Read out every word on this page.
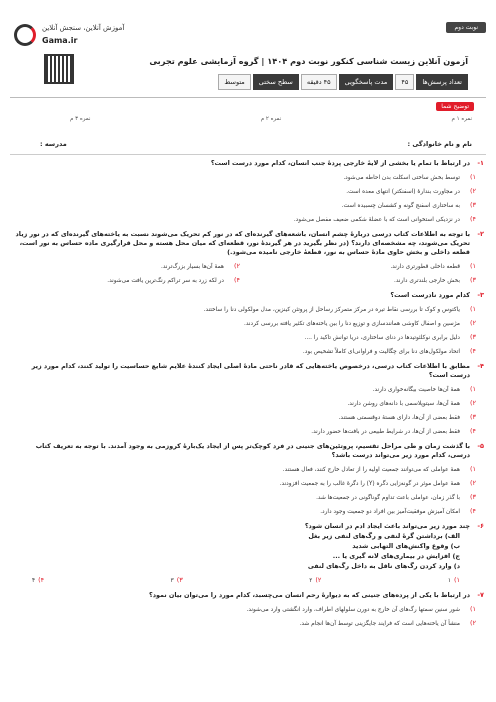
آموزش آنلاین، سنجش آنلاین
Gama.ir
نوبت دوم
آزمون آنلاین زیست شناسی کنکور نوبت دوم ۱۴۰۴ | گروه آزمایشی علوم تجربی
تعداد پرسش‌ها
۴۵
مدت پاسخگویی
۴۵ دقیقه
سطح سختی
متوسط
توضیح شما
نمره ۱ م
نمره ۲ م
نمره ۳ م
نام و نام خانوادگی :
مدرسه :
۱-
در ارتباط با تمام یا بخشی از لایهٔ خارجی پردهٔ جنب انسان، کدام مورد درست است؟
۱)
توسط بخش ساختی اسکلت بدن احاطه می‌شود.
۲)
در مجاورت بندارهٔ (اسفنکتر) انتهای معده است.
۳)
به ساختاری اسفنج گونه و کشسان چسبیده است.
۴)
در نزدیکی استخوانی است که با عضلهٔ شکمی ضعیف مفصل می‌شود.
۲-
با توجه به اطلاعات کتاب درسی دربارهٔ چشم انسان، باشعه‌های گیرنده‌ای که در نور کم تحریک می‌شوند نسبت به یاخته‌های گیرنده‌ای که در نور زیاد تحریک می‌شوند، چه مشخصه‌ای دارند؟ (در نظر بگیرید در هر گیرندهٔ نور، قطعه‌ای که میان محل هسته و محل قرارگیری ماده حساس به نور است، قطعه داخلی و بخش حاوی مادهٔ حساس به نور، قطعهٔ خارجی نامیده می‌شود.)
۱)
قطعه داخلی قطورتری دارند.
۲)
همهٔ آن‌ها بسیار بزرگ‌ترند.
۳)
بخش خارجی بلندتری دارند.
۴)
در لکه زرد به سر تراکم رنگ‌ترین یافت می‌شوند.
۳-
کدام مورد نادرست است؟
۱)
یاکتوس و کوک تا بررسی نقاط تیره در مرکز متمرکز رساحل از پروتئن کینزین، مدل مولکولی دنا را ساختند.
۲)
مژ‌سین و اصفال کاوشی همانندسازی و توزیع دنا را بین یاخته‌های تکثیر یافته بررسی کردند.
۳)
دلیل برابری نوکلئوتیدها در دنای ساختاری، دریا توانش تاکید را ....
۴)
اتحاد مولکول‌های دنا برای چگالیت و فراوانی‌ای کاملاً تشخیص بود.
۴-
مطابق با اطلاعات کتاب درسی، درخصوص یاخته‌هایی که قادر ناحتی مادهٔ اصلی ایجاد کنندهٔ علایم شایع حساسیت را تولید کنند، کدام مورد زیر درست است؟
۱)
همهٔ آن‌ها خاصیت بیگانه‌خواری دارند.
۲)
همهٔ آن‌ها، سیتوپلاسمی با دانه‌های روشن دارند.
۳)
فقط بعضی از آن‌ها، دارای هستهٔ دوقسمتی هستند.
۴)
فقط بعضی از آن‌ها، در شرایط طبیعی در بافت‌ها حضور دارند.
۵-
با گذشت زمان و طی مراحل تقسیم، پروتئین‌های جنینی در فرد کوچک‌تر پس از ایجاد یک‌بارهٔ کروزمی به وجود آمدند. با توجه به تعریف کتاب درسی، کدام مورد زیر می‌تواند درست باشد؟
۱)
همهٔ عواملی که می‌توانند جمعیت اولیه را از تعادل خارج کنند، فعال هستند.
۲)
همهٔ عوامل موثر در گونه‌زایی دگره (Y) را دگرهٔ غالب را به جمعیت افزودند.
۳)
با گذر زمان، عواملی باعث تداوم گوناگونی در جمعیت‌ها شد.
۴)
امکان آمیزش موفقیت‌آمیز بین افراد دو جمعیت وجود دارد.
۶-
چند مورد زیر می‌تواند باعث ایجاد ادم در انسان شود؟
الف) برداشتن گرهٔ لنفی و رگ‌های لنفی زیر بغل
ب) وقوع واکنش‌های التهابی شدید
ج) افزایش در بیماری‌های لانه گیری یا ...
د) وارد کردن رگ‌های ناقل به داخل رگ‌های لنفی
۱)۱
۲)۲
۳)۳
۴)۴
۷-
در ارتباط با یکی از پرده‌های جنینی که به دیوارهٔ رحم انسان می‌چسبد، کدام مورد را می‌توان بیان نمود؟
۱)
شور سنین سمتها رگ‌های آن خارج به دورن سلولهای اطراف، وارد انگشتی وارد می‌شوند.
۲)
منشأ آن یاخته‌هایی است که فرایند جایگزینی توسط آن‌ها انجام شد.
